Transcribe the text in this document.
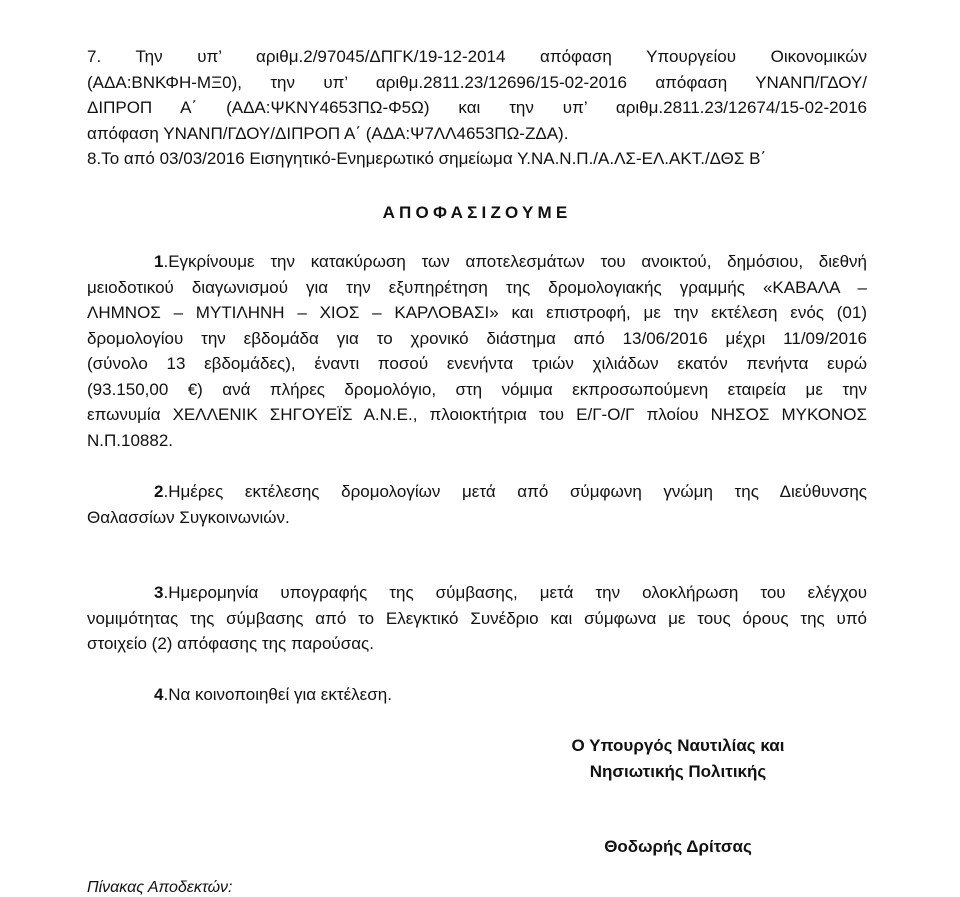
7. Την υπ’ αριθμ.2/97045/ΔΠΓΚ/19-12-2014 απόφαση Υπουργείου Οικονομικών
(ΑΔΑ:ΒΝΚΦΗ-ΜΞ0), την υπ’ αριθμ.2811.23/12696/15-02-2016 απόφαση ΥΝΑΝΠ/ΓΔΟΥ/
ΔΙΠΡΟΠ Α΄ (ΑΔΑ:ΨΚΝΥ4653ΠΩ-Φ5Ω) και την υπ’ αριθμ.2811.23/12674/15-02-2016
απόφαση ΥΝΑΝΠ/ΓΔΟΥ/ΔΙΠΡΟΠ Α΄ (ΑΔΑ:Ψ7ΛΛ4653ΠΩ-ΖΔΑ).
8.Το από 03/03/2016 Εισηγητικό-Ενημερωτικό σημείωμα Υ.ΝΑ.Ν.Π./Α.ΛΣ-ΕΛ.ΑΚΤ./ΔΘΣ Β΄
ΑΠΟΦΑΣΙΖΟΥΜΕ
1.Εγκρίνουμε την κατακύρωση των αποτελεσμάτων του ανοικτού, δημόσιου, διεθνή
μειοδοτικού διαγωνισμού για την εξυπηρέτηση της δρομολογιακής γραμμής «ΚΑΒΑΛΑ –
ΛΗΜΝΟΣ – ΜΥΤΙΛΗΝΗ – ΧΙΟΣ – ΚΑΡΛΟΒΑΣΙ» και επιστροφή, με την εκτέλεση ενός (01)
δρομολογίου την εβδομάδα για το χρονικό διάστημα από 13/06/2016 μέχρι 11/09/2016
(σύνολο 13 εβδομάδες), έναντι ποσού ενενήντα τριών χιλιάδων εκατόν πενήντα ευρώ
(93.150,00 €) ανά πλήρες δρομολόγιο, στη νόμιμα εκπροσωπούμενη εταιρεία με την
επωνυμία ΧΕΛΛΕΝΙΚ ΣΗΓΟΥΕΪΣ Α.Ν.Ε., πλοιοκτήτρια του Ε/Γ-Ο/Γ πλοίου ΝΗΣΟΣ ΜΥΚΟΝΟΣ
Ν.Π.10882.
2.Ημέρες εκτέλεσης δρομολογίων μετά από σύμφωνη γνώμη της Διεύθυνσης
Θαλασσίων Συγκοινωνιών.
3.Ημερομηνία υπογραφής της σύμβασης, μετά την ολοκλήρωση του ελέγχου
νομιμότητας της σύμβασης από το Ελεγκτικό Συνέδριο και σύμφωνα με τους όρους της υπό
στοιχείο (2) απόφασης της παρούσας.
4.Να κοινοποιηθεί για εκτέλεση.
Ο Υπουργός Ναυτιλίας και
Νησιωτικής Πολιτικής
Θοδωρής Δρίτσας
Πίνακας Αποδεκτών:
